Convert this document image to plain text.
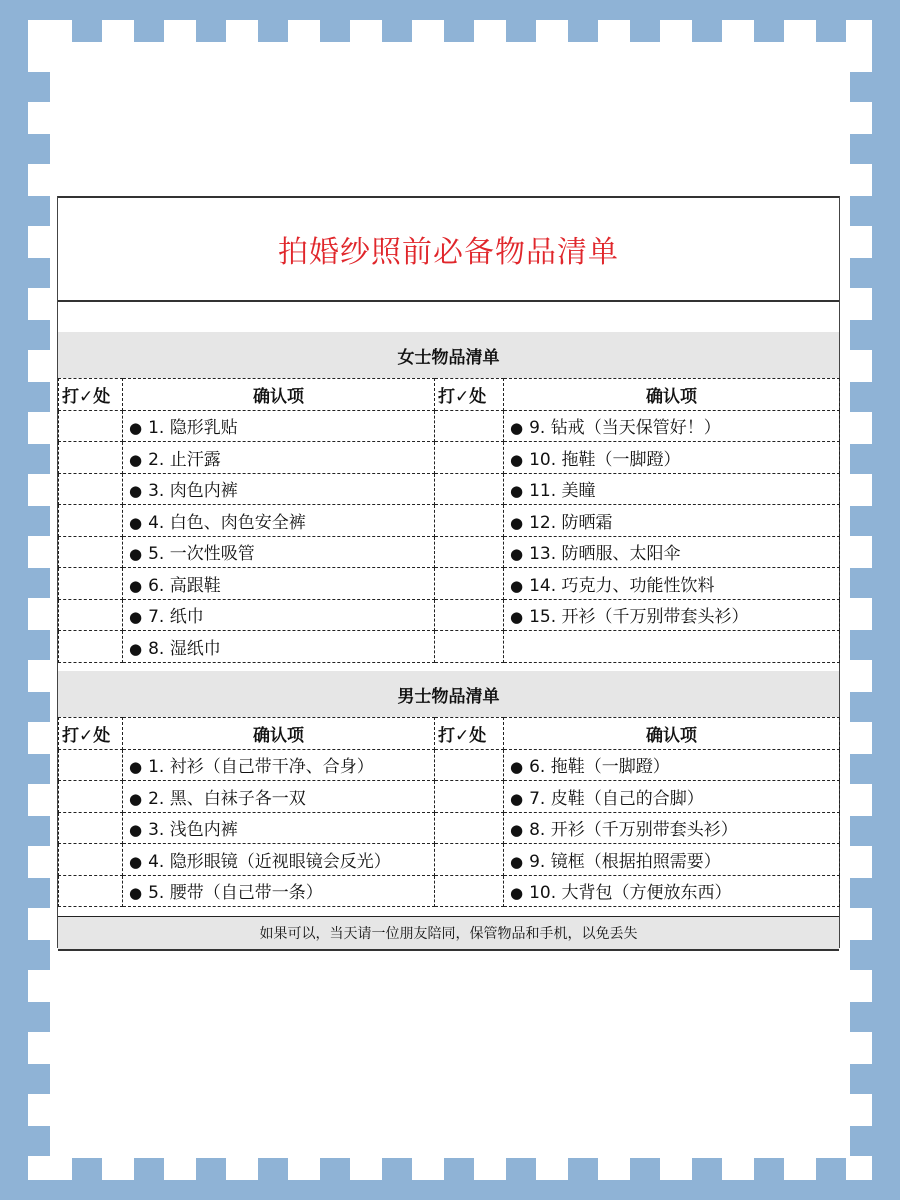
拍婚纱照前必备物品清单
女士物品清单
打✓处	确认项	打✓处	确认项
	● 1. 隐形乳贴		● 9. 钻戒（当天保管好！）
	● 2. 止汗露		● 10. 拖鞋（一脚蹬）
	● 3. 肉色内裤		● 11. 美瞳
	● 4. 白色、肉色安全裤		● 12. 防晒霜
	● 5. 一次性吸管		● 13. 防晒服、太阳伞
	● 6. 高跟鞋		● 14. 巧克力、功能性饮料
	● 7. 纸巾		● 15. 开衫（千万别带套头衫）
	● 8. 湿纸巾		
男士物品清单
打✓处	确认项	打✓处	确认项
	● 1. 衬衫（自己带干净、合身）		● 6. 拖鞋（一脚蹬）
	● 2. 黑、白袜子各一双		● 7. 皮鞋（自己的合脚）
	● 3. 浅色内裤		● 8. 开衫（千万别带套头衫）
	● 4. 隐形眼镜（近视眼镜会反光）		● 9. 镜框（根据拍照需要）
	● 5. 腰带（自己带一条）		● 10. 大背包（方便放东西）
如果可以，当天请一位朋友陪同，保管物品和手机，以免丢失
